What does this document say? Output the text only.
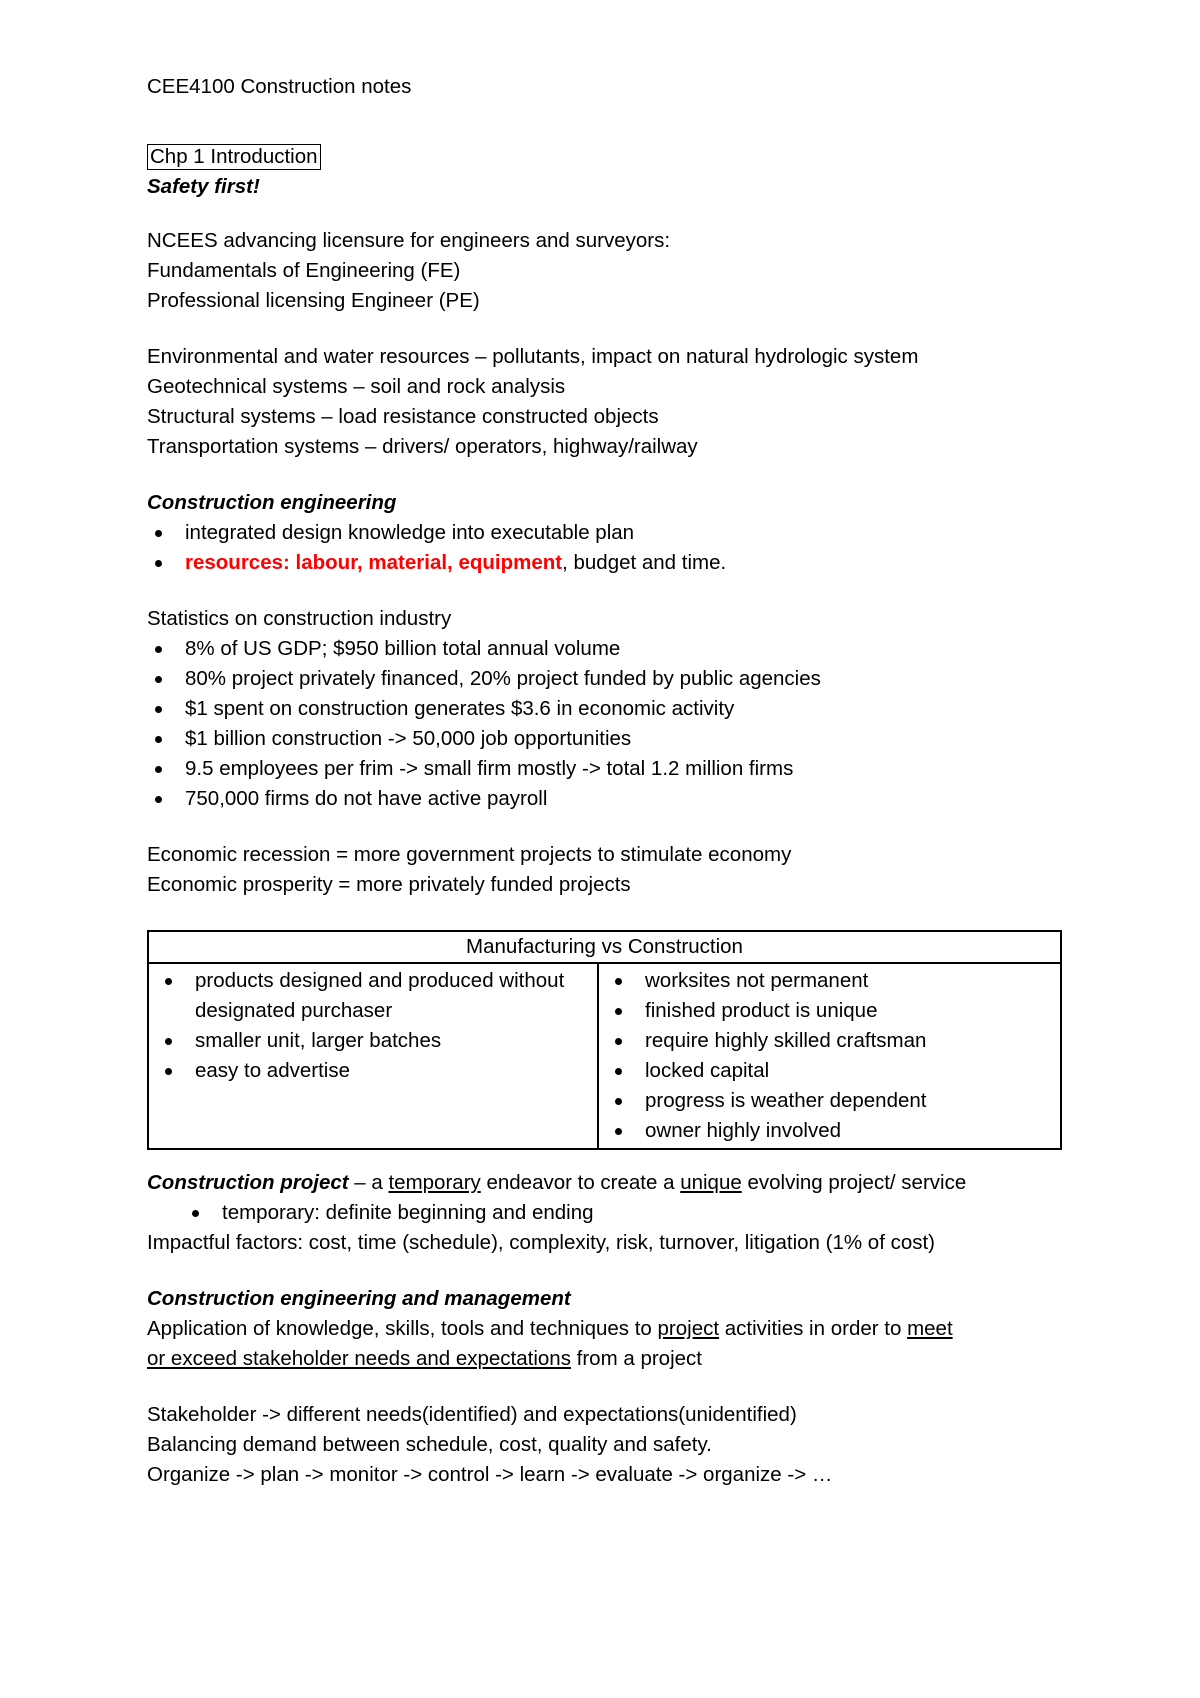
CEE4100 Construction notes
Chp 1 Introduction
Safety first!
NCEES advancing licensure for engineers and surveyors:
Fundamentals of Engineering (FE)
Professional licensing Engineer (PE)
Environmental and water resources – pollutants, impact on natural hydrologic system
Geotechnical systems – soil and rock analysis
Structural systems – load resistance constructed objects
Transportation systems – drivers/ operators, highway/railway
Construction engineering
integrated design knowledge into executable plan
resources: labour, material, equipment, budget and time.
Statistics on construction industry
8% of US GDP; $950 billion total annual volume
80% project privately financed, 20% project funded by public agencies
$1 spent on construction generates $3.6 in economic activity
$1 billion construction -> 50,000 job opportunities
9.5 employees per frim -> small firm mostly -> total 1.2 million firms
750,000 firms do not have active payroll
Economic recession = more government projects to stimulate economy
Economic prosperity = more privately funded projects
Manufacturing vs Construction

products designed and produced without designated purchaser
smaller unit, larger batches
easy to advertise

worksites not permanent
finished product is unique
require highly skilled craftsman
locked capital
progress is weather dependent
owner highly involved
Construction project – a temporary endeavor to create a unique evolving project/ service
temporary: definite beginning and ending
Impactful factors: cost, time (schedule), complexity, risk, turnover, litigation (1% of cost)
Construction engineering and management
Application of knowledge, skills, tools and techniques to project activities in order to meet
or exceed stakeholder needs and expectations from a project
Stakeholder -> different needs(identified) and expectations(unidentified)
Balancing demand between schedule, cost, quality and safety.
Organize -> plan -> monitor -> control -> learn -> evaluate -> organize -> …
